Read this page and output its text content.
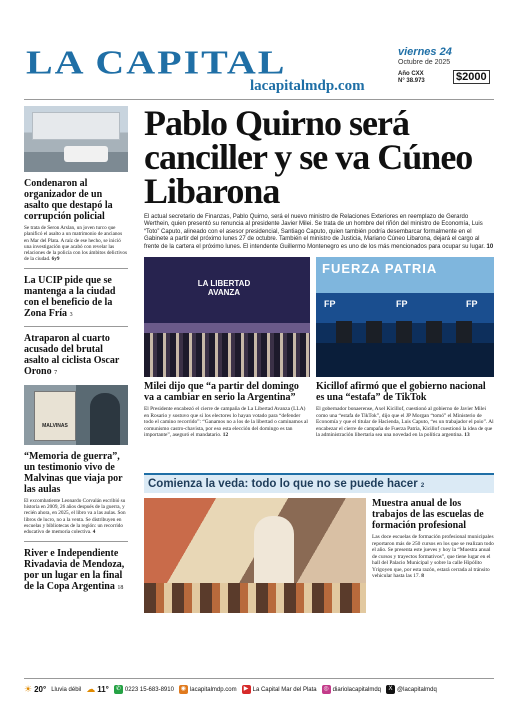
LA CAPITAL
lacapitalmdp.com
viernes 24
Octubre de 2025
Año CXX
N° 38.973	$2000
Condenaron al organizador de un asalto que destapó la corrupción policial
Se trata de Seron Arslan, un joven turco que planificó el asalto a un matrimonio de ancianos en Mar del Plata. A raíz de ese hecho, se inició una investigación que acabó con revelar las relaciones de la policía con los ámbitos delictivos de la ciudad. 6y9
La UCIP pide que se mantenga a la ciudad con el beneficio de la Zona Fría 3
Atraparon al cuarto acusado del brutal asalto al ciclista Oscar Orono 7
MALVINAS
“Memoria de guerra”, un testimonio vivo de Malvinas que viaja por las aulas
El excombatiente Leonardo Corvalán escribió su historia en 2009, 26 años después de la guerra, y recién ahora, en 2025, el libro va a las aulas. Son libros de lucro, no a la venta. Se distribuyen en escuelas y bibliotecas de la región: un recorrido educativo de memoria colectiva. 4
River e Independiente Rivadavia de Mendoza, por un lugar en la final de la Copa Argentina 18
Pablo Quirno será canciller y se va Cúneo Libarona
El actual secretario de Finanzas, Pablo Quirno, será el nuevo ministro de Relaciones Exteriores en reemplazo de Gerardo Werthein, quien presentó su renuncia al presidente Javier Milei. Se trata de un hombre del riñón del ministro de Economía, Luis “Toto” Caputo, alineado con el asesor presidencial, Santiago Caputo, quien también podría desembarcar formalmente en el Gabinete a partir del próximo lunes 27 de octubre. También el ministro de Justicia, Mariano Cúneo Libarona, dejará el cargo al frente de la cartera el próximo lunes. El intendente Guillermo Montenegro es uno de los más mencionados para ocupar su lugar. 10
LA LIBERTAD AVANZA
FUERZA PATRIA
FP	FP	FP
Milei dijo que “a partir del domingo va a cambiar en serio la Argentina”
El Presidente encabezó el cierre de campaña de La Libertad Avanza (LLA) en Rosario y sostuvo que si los electores lo hayan votado para “defender todo el camino recorrido”: “Ganamos no a los de la libertad o caminamos al comunismo castro-chavista, por eso esta elección del domingo es tan importante”, aseguró el mandatario. 12
Kicillof afirmó que el gobierno nacional es una “estafa” de TikTok
El gobernador bonaerense, Axel Kicillof, cuestionó al gobierno de Javier Milei como una “estafa de TikTok”, dijo que el JP Morgan “tomó” el Ministerio de Economía y que el titular de Hacienda, Luis Caputo, “es un trabajador el poio”. Al encabezar el cierre de campaña de Fuerza Patria, Kicillof cuestionó la idea de que la administración libertaria sea una novedad en la política argentina. 13
Comienza la veda: todo lo que no se puede hacer 2
Muestra anual de los trabajos de las escuelas de formación profesional
Las doce escuelas de formación profesional municipales reportaron más de 250 cursos en los que se realizan todo el año. Se presenta este jueves y hoy la “Muestra anual de cursos y trayectos formativos”, que tiene lugar en el hall del Palacio Municipal y sobre la calle Hipólito Yrigoyen que, por esta razón, estará cerrada al tránsito vehicular hasta las 17. 8
☀ 20° Lluvia débil ☁ 11°	✆ 0223 15-683-8910	◉ lacapitalmdp.com	▶ La Capital Mar del Plata	◎ diariolacapitalmdq	X @lacapitalmdq
